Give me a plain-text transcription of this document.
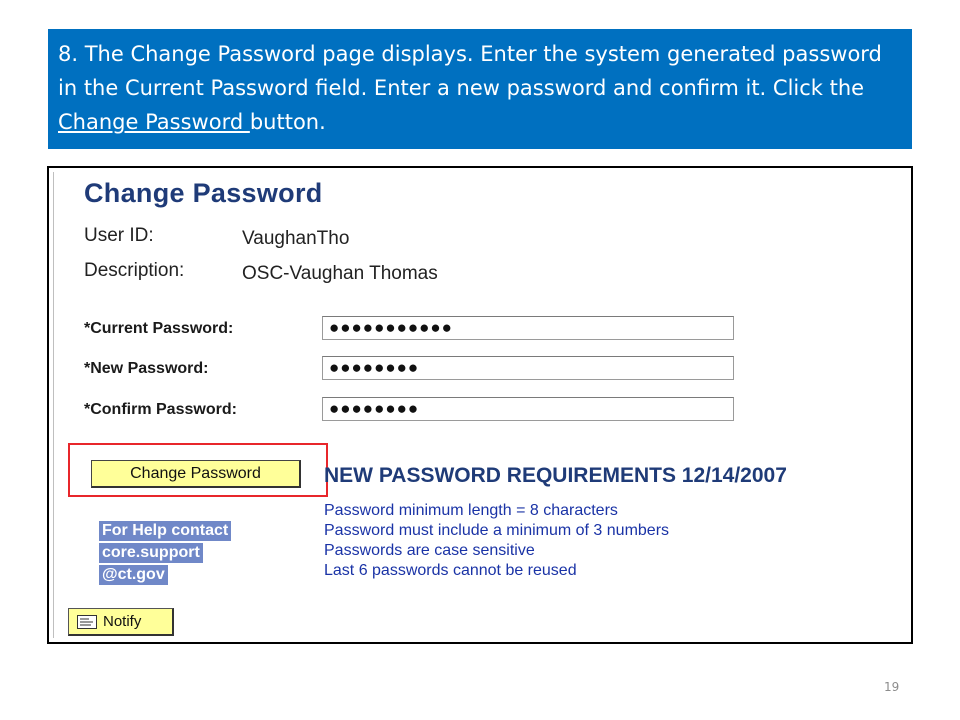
8. The Change Password page displays. Enter the system generated password in the Current Password field. Enter a new password and confirm it. Click the Change Password button.
Change Password
User ID:	VaughanTho
Description:	OSC-Vaughan Thomas
*Current Password:	●●●●●●●●●●●
*New Password:	●●●●●●●●
*Confirm Password:	●●●●●●●●
Change Password	NEW PASSWORD REQUIREMENTS 12/14/2007
Password minimum length = 8 characters
Password must include a minimum of 3 numbers
Passwords are case sensitive
Last 6 passwords cannot be reused
For Help contact
core.support
@ct.gov
Notify
19
